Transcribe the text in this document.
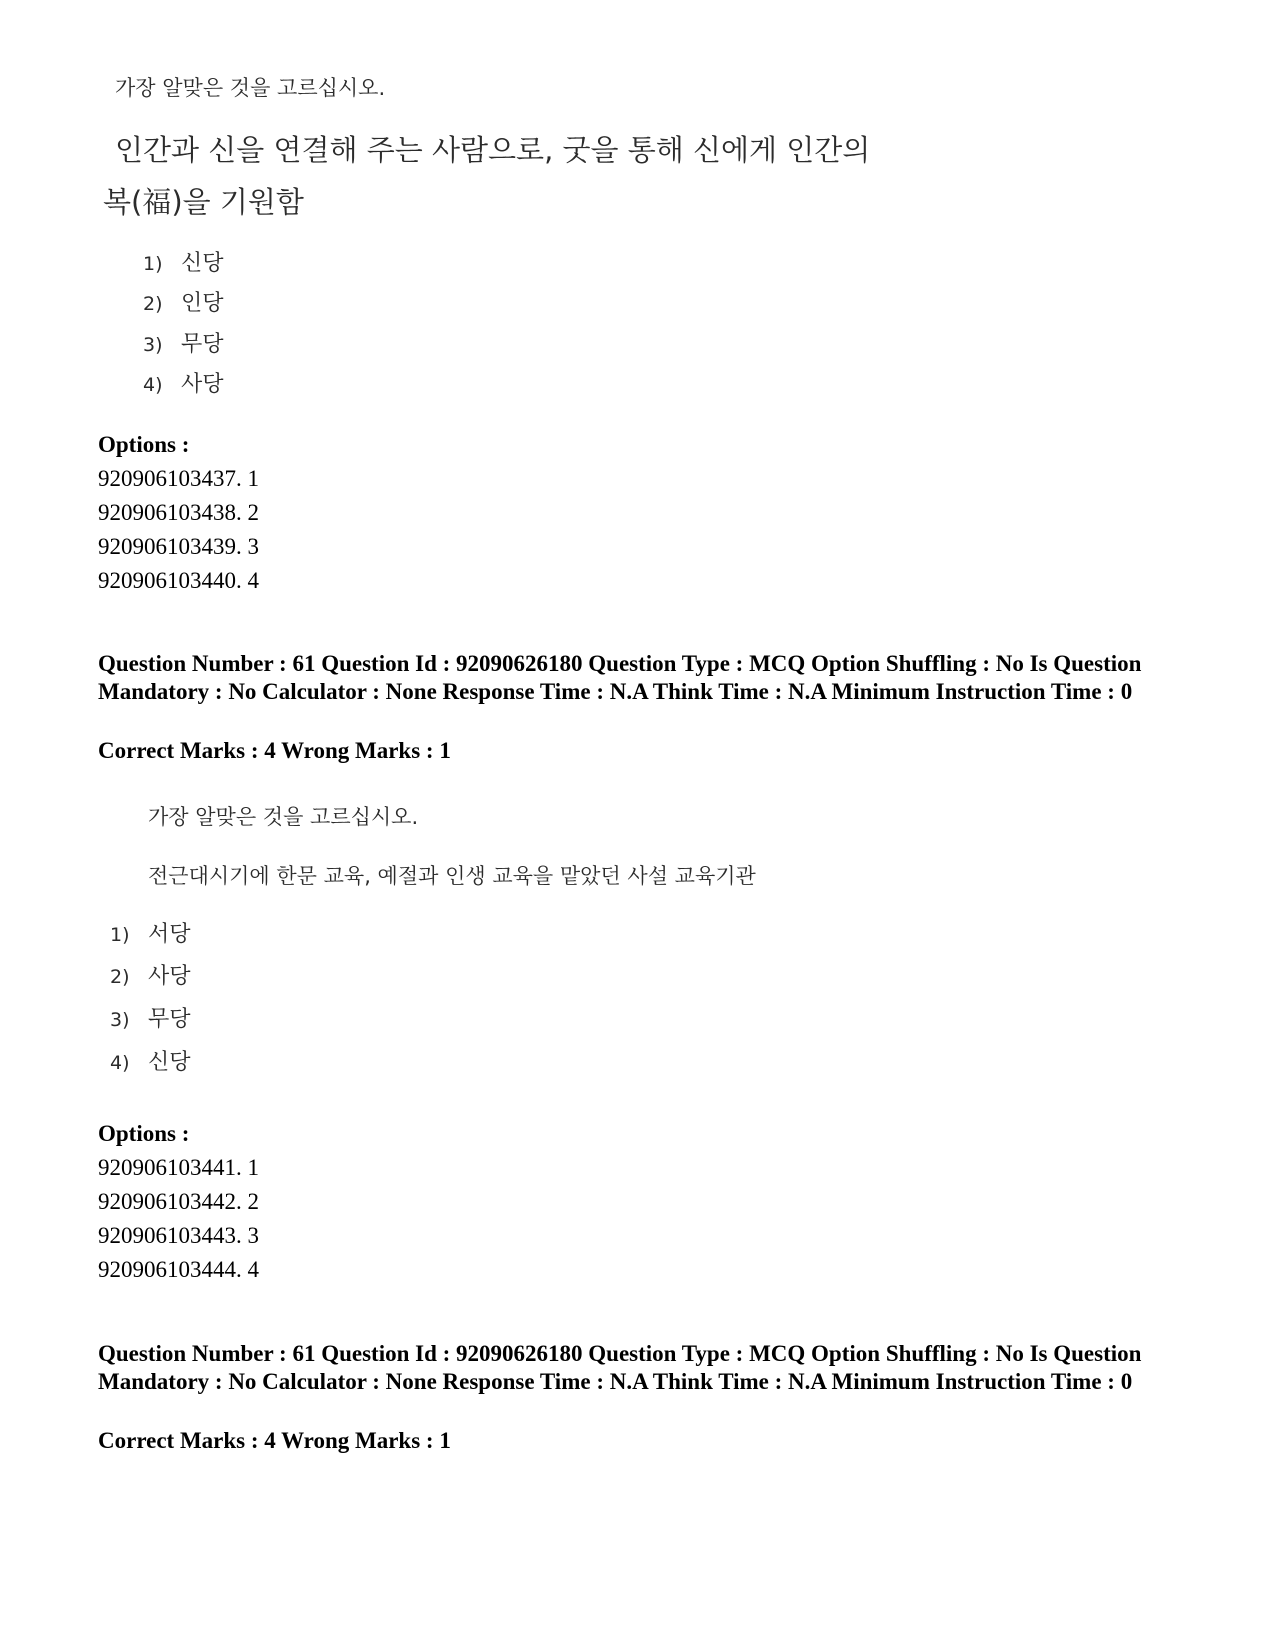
가장 알맞은 것을 고르십시오.
인간과 신을 연결해 주는 사람으로, 굿을 통해 신에게 인간의
복(福)을 기원함
1) 신당
2) 인당
3) 무당
4) 사당
Options :
920906103437. 1
920906103438. 2
920906103439. 3
920906103440. 4
Question Number : 61 Question Id : 92090626180 Question Type : MCQ Option Shuffling : No Is Question Mandatory : No Calculator : None Response Time : N.A Think Time : N.A Minimum Instruction Time : 0
Correct Marks : 4 Wrong Marks : 1
가장 알맞은 것을 고르십시오.
전근대시기에 한문 교육, 예절과 인생 교육을 맡았던 사설 교육기관
1) 서당
2) 사당
3) 무당
4) 신당
Options :
920906103441. 1
920906103442. 2
920906103443. 3
920906103444. 4
Question Number : 61 Question Id : 92090626180 Question Type : MCQ Option Shuffling : No Is Question Mandatory : No Calculator : None Response Time : N.A Think Time : N.A Minimum Instruction Time : 0
Correct Marks : 4 Wrong Marks : 1
